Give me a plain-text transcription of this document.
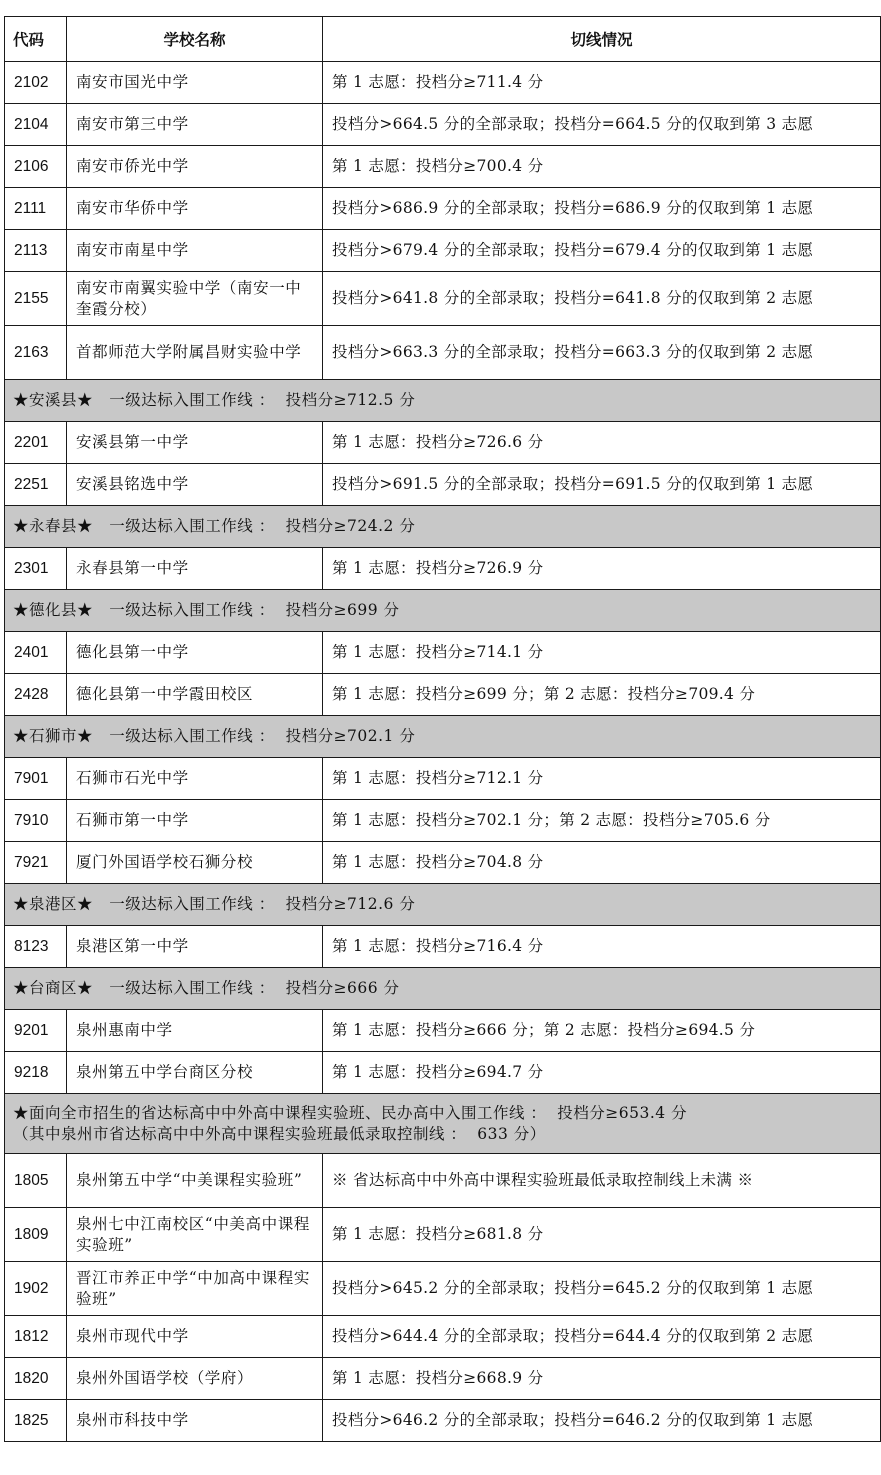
代码	学校名称	切线情况
2102	南安市国光中学	第 1 志愿：投档分≥711.4 分
2104	南安市第三中学	投档分>664.5 分的全部录取；投档分=664.5 分的仅取到第 3 志愿
2106	南安市侨光中学	第 1 志愿：投档分≥700.4 分
2111	南安市华侨中学	投档分>686.9 分的全部录取；投档分=686.9 分的仅取到第 1 志愿
2113	南安市南星中学	投档分>679.4 分的全部录取；投档分=679.4 分的仅取到第 1 志愿
2155	南安市南翼实验中学（南安一中奎霞分校）	投档分>641.8 分的全部录取；投档分=641.8 分的仅取到第 2 志愿
2163	首都师范大学附属昌财实验中学	投档分>663.3 分的全部录取；投档分=663.3 分的仅取到第 2 志愿
★安溪县★   一级达标入围工作线 ：  投档分≥712.5 分		
2201	安溪县第一中学	第 1 志愿：投档分≥726.6 分
2251	安溪县铭选中学	投档分>691.5 分的全部录取；投档分=691.5 分的仅取到第 1 志愿
★永春县★   一级达标入围工作线 ：  投档分≥724.2 分		
2301	永春县第一中学	第 1 志愿：投档分≥726.9 分
★德化县★   一级达标入围工作线 ：  投档分≥699 分		
2401	德化县第一中学	第 1 志愿：投档分≥714.1 分
2428	德化县第一中学霞田校区	第 1 志愿：投档分≥699 分；第 2 志愿：投档分≥709.4 分
★石狮市★   一级达标入围工作线 ：  投档分≥702.1 分		
7901	石狮市石光中学	第 1 志愿：投档分≥712.1 分
7910	石狮市第一中学	第 1 志愿：投档分≥702.1 分；第 2 志愿：投档分≥705.6 分
7921	厦门外国语学校石狮分校	第 1 志愿：投档分≥704.8 分
★泉港区★   一级达标入围工作线 ：  投档分≥712.6 分		
8123	泉港区第一中学	第 1 志愿：投档分≥716.4 分
★台商区★   一级达标入围工作线 ：  投档分≥666 分		
9201	泉州惠南中学	第 1 志愿：投档分≥666 分；第 2 志愿：投档分≥694.5 分
9218	泉州第五中学台商区分校	第 1 志愿：投档分≥694.7 分

★面向全市招生的省达标高中中外高中课程实验班、民办高中入围工作线 ：  投档分≥653.4 分
（其中泉州市省达标高中中外高中课程实验班最低录取控制线 ：  633 分）		

1805	泉州第五中学“中美课程实验班”	※ 省达标高中中外高中课程实验班最低录取控制线上未满 ※
1809	泉州七中江南校区“中美高中课程实验班”	第 1 志愿：投档分≥681.8 分
1902	晋江市养正中学“中加高中课程实验班”	投档分>645.2 分的全部录取；投档分=645.2 分的仅取到第 1 志愿
1812	泉州市现代中学	投档分>644.4 分的全部录取；投档分=644.4 分的仅取到第 2 志愿
1820	泉州外国语学校（学府）	第 1 志愿：投档分≥668.9 分
1825	泉州市科技中学	投档分>646.2 分的全部录取；投档分=646.2 分的仅取到第 1 志愿
